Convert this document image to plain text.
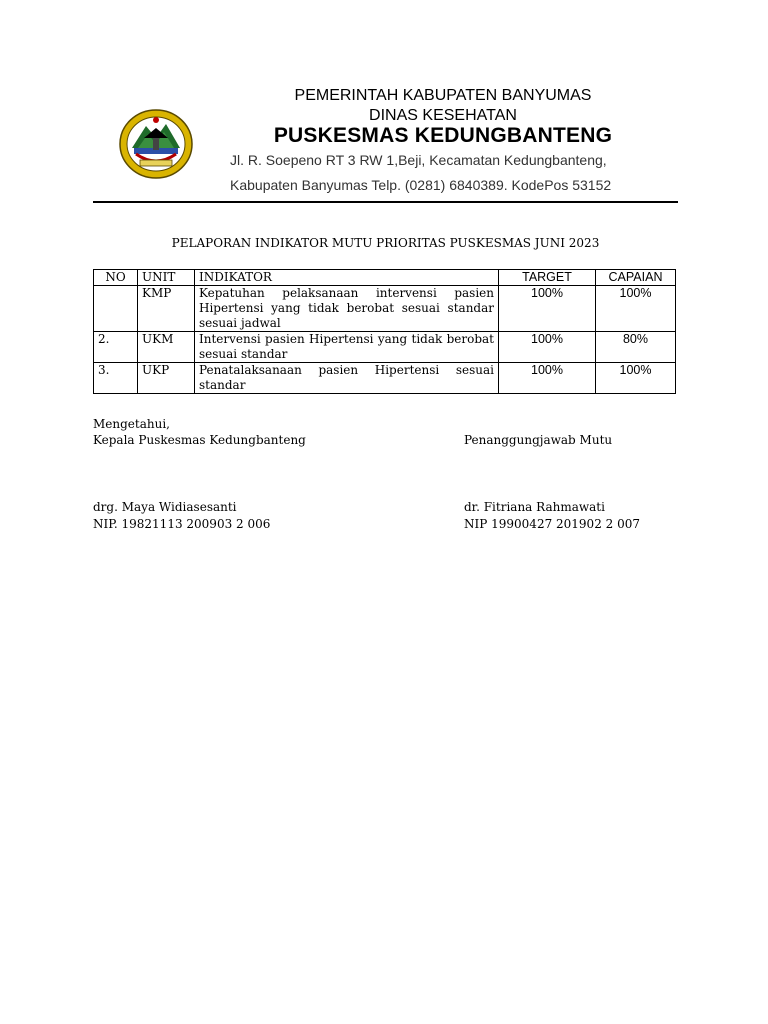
PEMERINTAH KABUPATEN BANYUMAS
DINAS KESEHATAN
PUSKESMAS KEDUNGBANTENG
Jl. R. Soepeno RT 3 RW 1,Beji, Kecamatan Kedungbanteng,
Kabupaten Banyumas Telp. (0281) 6840389. KodePos 53152
PELAPORAN INDIKATOR MUTU PRIORITAS PUSKESMAS JUNI 2023
NO	UNIT	INDIKATOR	TARGET	CAPAIAN
	KMP	Kepatuhan pelaksanaan intervensi pasien Hipertensi yang tidak berobat sesuai standar sesuai jadwal	100%	100%
2.	UKM	Intervensi pasien Hipertensi yang tidak berobat sesuai standar	100%	80%
3.	UKP	Penatalaksanaan pasien Hipertensi sesuai standar	100%	100%
Mengetahui,
Kepala Puskesmas Kedungbanteng	Penanggungjawab Mutu
drg. Maya Widiasesanti
NIP. 19821113 200903 2 006
dr. Fitriana Rahmawati
NIP 19900427 201902 2 007
